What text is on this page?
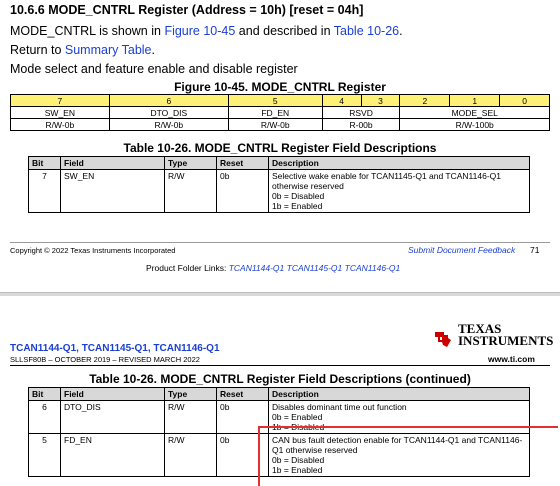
10.6.6 MODE_CNTRL Register (Address = 10h) [reset = 04h]
MODE_CNTRL is shown in Figure 10-45 and described in Table 10-26.
Return to Summary Table.
Mode select and feature enable and disable register
Figure 10-45. MODE_CNTRL Register
7	6	5	4	3	2	1	0
SW_EN	DTO_DIS	FD_EN	RSVD		MODE_SEL		
R/W-0b	R/W-0b	R/W-0b	R-00b		R/W-100b		
Table 10-26. MODE_CNTRL Register Field Descriptions
Bit	Field	Type	Reset	Description
7	SW_EN	R/W	0b	Selective wake enable for TCAN1145-Q1 and TCAN1146-Q1
otherwise reserved
0b = Disabled
1b = Enabled
Copyright © 2022 Texas Instruments Incorporated	Submit Document Feedback 71
Product Folder Links: TCAN1144-Q1 TCAN1145-Q1 TCAN1146-Q1
TCAN1144-Q1, TCAN1145-Q1, TCAN1146-Q1
SLLSF80B – OCTOBER 2019 – REVISED MARCH 2022
TEXAS
INSTRUMENTS
www.ti.com
Table 10-26. MODE_CNTRL Register Field Descriptions (continued)
Bit	Field	Type	Reset	Description
6	DTO_DIS	R/W	0b	Disables dominant time out function
0b = Enabled
1b = Disabled

5	FD_EN	R/W	0b	CAN bus fault detection enable for TCAN1144-Q1 and TCAN1146-
Q1 otherwise reserved
0b = Disabled
1b = Enabled
